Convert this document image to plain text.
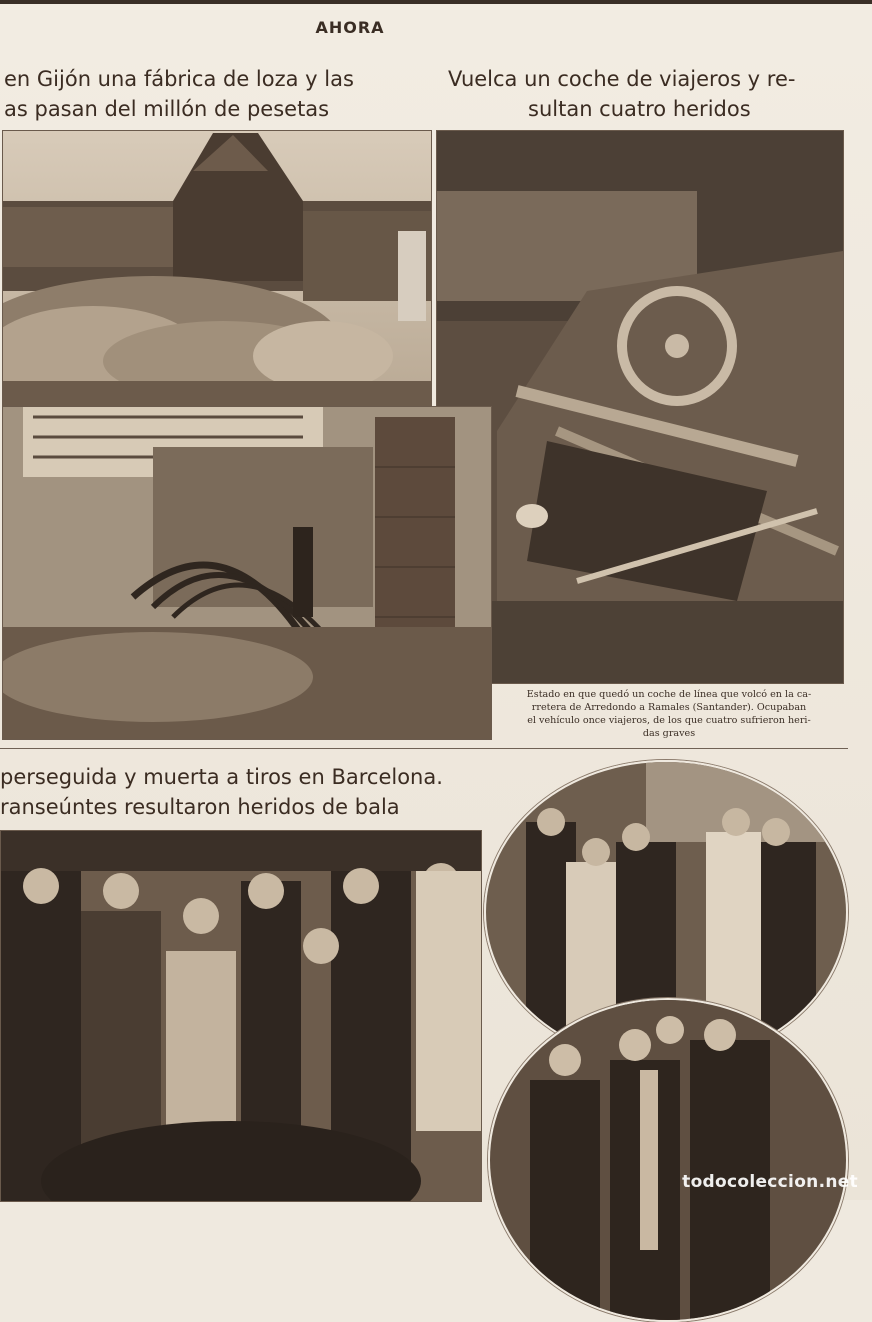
AHORA
en Gijón una fábrica de loza y las
as pasan del millón de pesetas
Vuelca un coche de viajeros y re-
sultan cuatro heridos
Estado en que quedó un coche de línea que volcó en la ca-
rretera de Arredondo a Ramales (Santander). Ocupaban
el vehículo once viajeros, de los que cuatro sufrieron heri-
das graves
perseguida y muerta a tiros en Barcelona.
ranseúntes resultaron heridos de bala
todocoleccion.net
